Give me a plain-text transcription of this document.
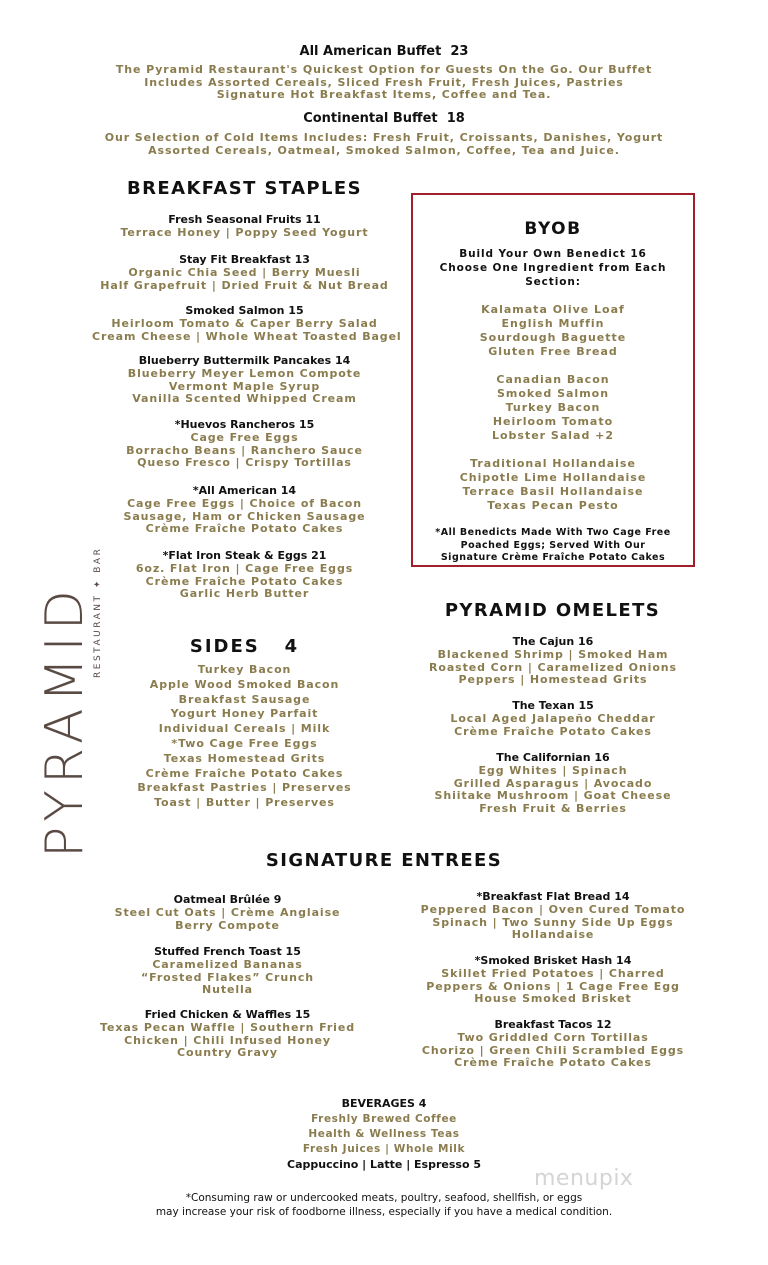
All American Buffet 23
The Pyramid Restaurant's Quickest Option for Guests On the Go. Our Buffet
Includes Assorted Cereals, Sliced Fresh Fruit, Fresh Juices, Pastries
Signature Hot Breakfast Items, Coffee and Tea.
Continental Buffet 18
Our Selection of Cold Items Includes: Fresh Fruit, Croissants, Danishes, Yogurt
Assorted Cereals, Oatmeal, Smoked Salmon, Coffee, Tea and Juice.
PYRAMID
RESTAURANT ✦ BAR
BREAKFAST STAPLES
Fresh Seasonal Fruits 11
Terrace Honey | Poppy Seed Yogurt
Stay Fit Breakfast 13
Organic Chia Seed | Berry Muesli
Half Grapefruit | Dried Fruit & Nut Bread
Smoked Salmon 15
Heirloom Tomato & Caper Berry Salad
Cream Cheese | Whole Wheat Toasted Bagel
Blueberry Buttermilk Pancakes 14
Blueberry Meyer Lemon Compote
Vermont Maple Syrup
Vanilla Scented Whipped Cream
*Huevos Rancheros 15
Cage Free Eggs
Borracho Beans | Ranchero Sauce
Queso Fresco | Crispy Tortillas
*All American 14
Cage Free Eggs | Choice of Bacon
Sausage, Ham or Chicken Sausage
Crème Fraîche Potato Cakes
*Flat Iron Steak & Eggs 21
6oz. Flat Iron | Cage Free Eggs
Crème Fraîche Potato Cakes
Garlic Herb Butter
BYOB
Build Your Own Benedict 16
Choose One Ingredient from Each
Section:
Kalamata Olive Loaf
English Muffin
Sourdough Baguette
Gluten Free Bread
Canadian Bacon
Smoked Salmon
Turkey Bacon
Heirloom Tomato
Lobster Salad +2
Traditional Hollandaise
Chipotle Lime Hollandaise
Terrace Basil Hollandaise
Texas Pecan Pesto
*All Benedicts Made With Two Cage Free
Poached Eggs; Served With Our
Signature Crème Fraîche Potato Cakes
SIDES 4
Turkey Bacon
Apple Wood Smoked Bacon
Breakfast Sausage
Yogurt Honey Parfait
Individual Cereals | Milk
*Two Cage Free Eggs
Texas Homestead Grits
Crème Fraîche Potato Cakes
Breakfast Pastries | Preserves
Toast | Butter | Preserves
PYRAMID OMELETS
The Cajun 16
Blackened Shrimp | Smoked Ham
Roasted Corn | Caramelized Onions
Peppers | Homestead Grits
The Texan 15
Local Aged Jalapeño Cheddar
Crème Fraîche Potato Cakes
The Californian 16
Egg Whites | Spinach
Grilled Asparagus | Avocado
Shiitake Mushroom | Goat Cheese
Fresh Fruit & Berries
SIGNATURE ENTREES
Oatmeal Brûlée 9
Steel Cut Oats | Crème Anglaise
Berry Compote
Stuffed French Toast 15
Caramelized Bananas
“Frosted Flakes” Crunch
Nutella
Fried Chicken & Waffles 15
Texas Pecan Waffle | Southern Fried
Chicken | Chili Infused Honey
Country Gravy
*Breakfast Flat Bread 14
Peppered Bacon | Oven Cured Tomato
Spinach | Two Sunny Side Up Eggs
Hollandaise
*Smoked Brisket Hash 14
Skillet Fried Potatoes | Charred
Peppers & Onions | 1 Cage Free Egg
House Smoked Brisket
Breakfast Tacos 12
Two Griddled Corn Tortillas
Chorizo | Green Chili Scrambled Eggs
Crème Fraîche Potato Cakes
BEVERAGES 4
Freshly Brewed Coffee
Health & Wellness Teas
Fresh Juices | Whole Milk
Cappuccino | Latte | Espresso 5
*Consuming raw or undercooked meats, poultry, seafood, shellfish, or eggs
may increase your risk of foodborne illness, especially if you have a medical condition.
menupix
